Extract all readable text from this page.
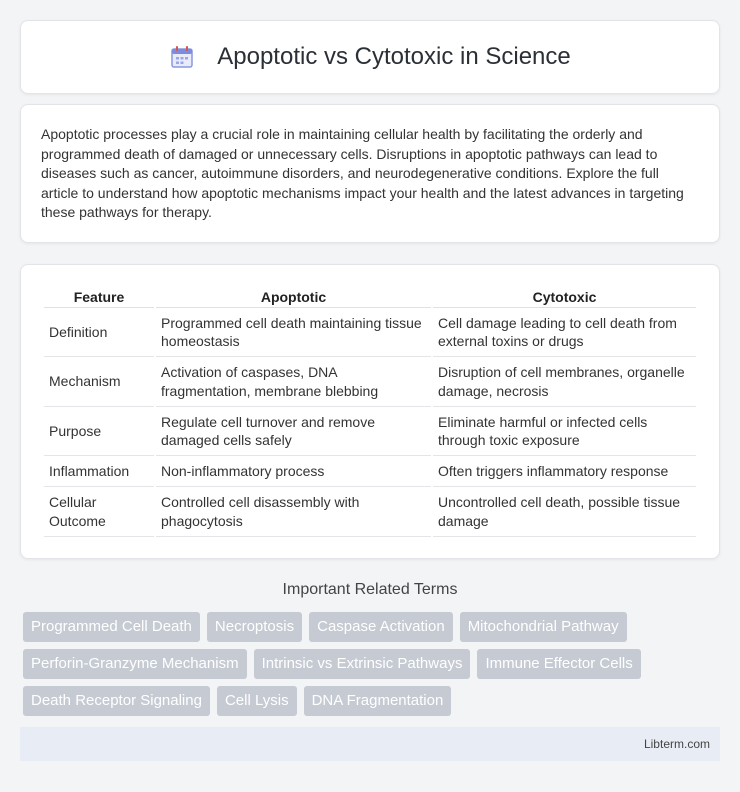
Apoptotic vs Cytotoxic in Science

Apoptotic processes play a crucial role in maintaining cellular health by facilitating the orderly and programmed death of damaged or unnecessary cells. Disruptions in apoptotic pathways can lead to diseases such as cancer, autoimmune disorders, and neurodegenerative conditions. Explore the full article to understand how apoptotic mechanisms impact your health and the latest advances in targeting these pathways for therapy.

Feature	Apoptotic	Cytotoxic
Definition	Programmed cell death maintaining tissue homeostasis	Cell damage leading to cell death from external toxins or drugs
Mechanism	Activation of caspases, DNA fragmentation, membrane blebbing	Disruption of cell membranes, organelle damage, necrosis
Purpose	Regulate cell turnover and remove damaged cells safely	Eliminate harmful or infected cells through toxic exposure
Inflammation	Non-inflammatory process	Often triggers inflammatory response
Cellular Outcome	Controlled cell disassembly with phagocytosis	Uncontrolled cell death, possible tissue damage
Important Related Terms
Programmed Cell Death	Necroptosis	Caspase Activation	Mitochondrial Pathway
Perforin-Granzyme Mechanism	Intrinsic vs Extrinsic Pathways	Immune Effector Cells
Death Receptor Signaling	Cell Lysis	DNA Fragmentation
Libterm.com
